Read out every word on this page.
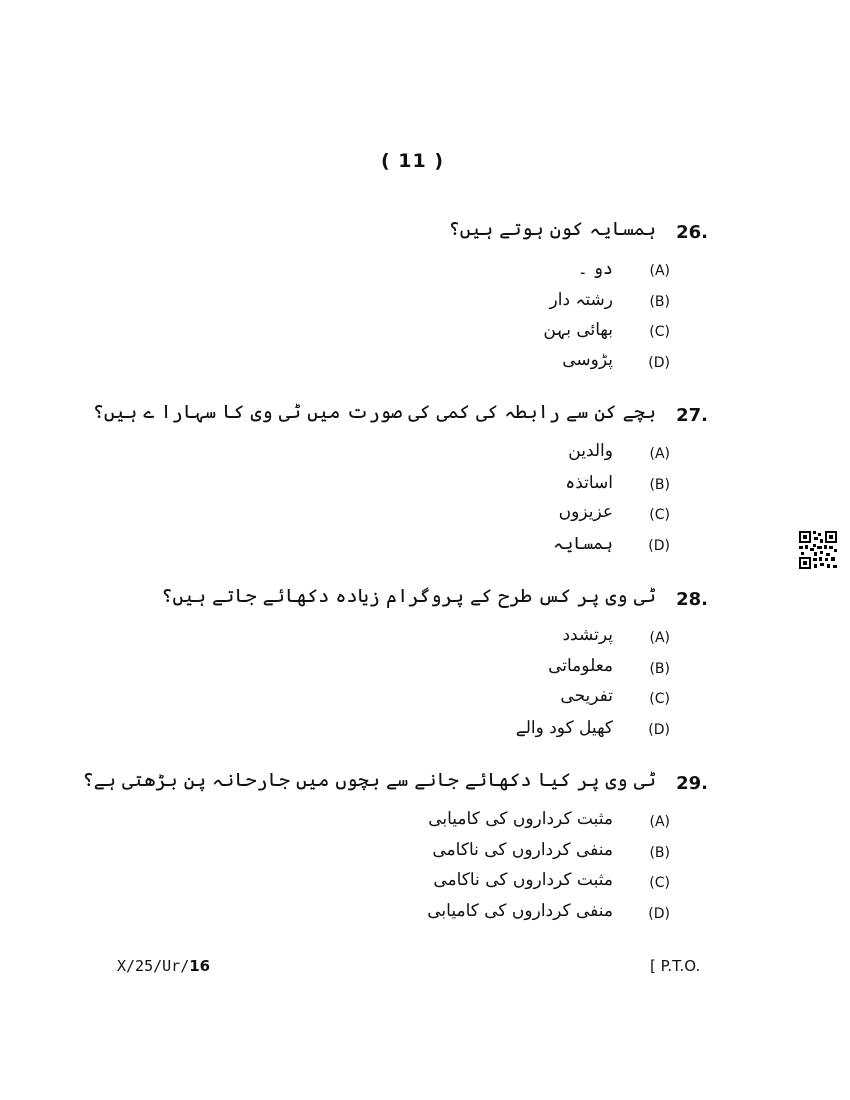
( 11 )
26.
ہمسایہ کون ہوتے ہیں؟
(A)
دو ۔
(B)
رشتہ دار
(C)
بھائی بہن
(D)
پڑوسی
27.
بچے کن سے رابطہ کی کمی کی صورت میں ٹی وی کا سہارا ے ہیں؟
(A)
والدین
(B)
اساتذہ
(C)
عزیزوں
(D)
ہمسایہ
28.
ٹی وی پر کس طرح کے پروگرام زیادہ دکھائے جاتے ہیں؟
(A)
پرتشدد
(B)
معلوماتی
(C)
تفریحی
(D)
کھیل کود والے
29.
ٹی وی پر کیا دکھائے جانے سے بچوں میں جارحانہ پن بڑھتی ہے؟
(A)
مثبت کرداروں کی کامیابی
(B)
منفی کرداروں کی ناکامی
(C)
مثبت کرداروں کی ناکامی
(D)
منفی کرداروں کی کامیابی
X/25/Ur/16	[ P.T.O.
